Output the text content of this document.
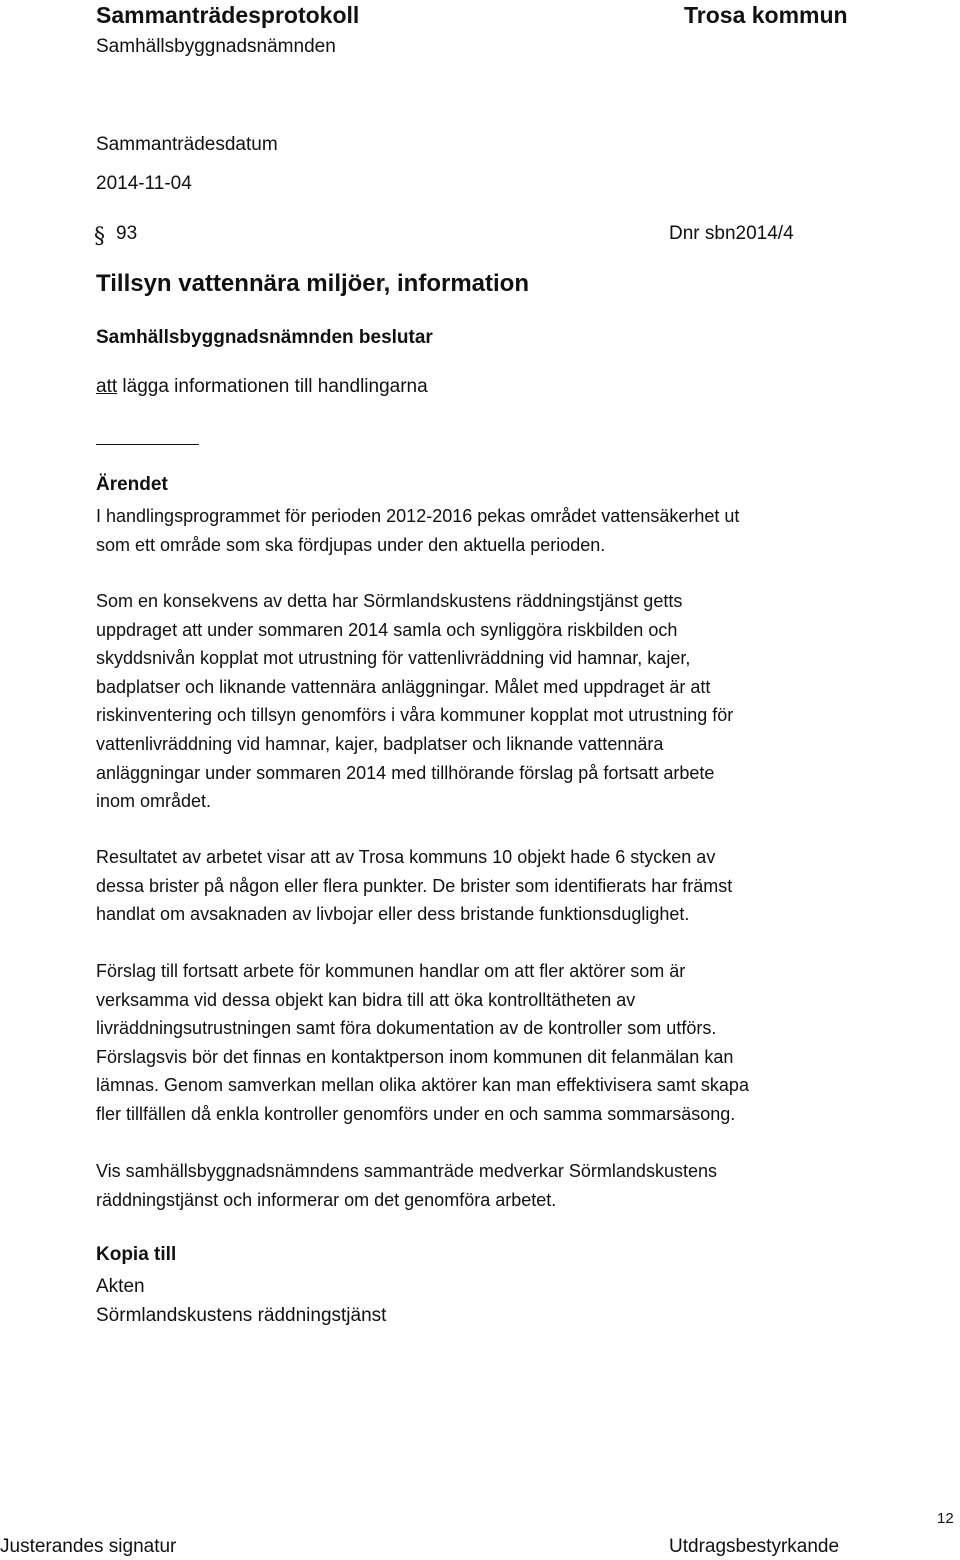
Sammanträdesprotokoll	Trosa kommun
Samhällsbyggnadsnämnden
Sammanträdesdatum
2014-11-04
§ 93	Dnr sbn2014/4
Tillsyn vattennära miljöer, information
Samhällsbyggnadsnämnden beslutar
att lägga informationen till handlingarna
Ärendet

I handlingsprogrammet för perioden 2012-2016 pekas området vattensäkerhet ut
som ett område som ska fördjupas under den aktuella perioden.

Som en konsekvens av detta har Sörmlandskustens räddningstjänst getts
uppdraget att under sommaren 2014 samla och synliggöra riskbilden och
skyddsnivån kopplat mot utrustning för vattenlivräddning vid hamnar, kajer,
badplatser och liknande vattennära anläggningar. Målet med uppdraget är att
riskinventering och tillsyn genomförs i våra kommuner kopplat mot utrustning för
vattenlivräddning vid hamnar, kajer, badplatser och liknande vattennära
anläggningar under sommaren 2014 med tillhörande förslag på fortsatt arbete
inom området.

Resultatet av arbetet visar att av Trosa kommuns 10 objekt hade 6 stycken av
dessa brister på någon eller flera punkter. De brister som identifierats har främst
handlat om avsaknaden av livbojar eller dess bristande funktionsduglighet.

Förslag till fortsatt arbete för kommunen handlar om att fler aktörer som är
verksamma vid dessa objekt kan bidra till att öka kontrolltätheten av
livräddningsutrustningen samt föra dokumentation av de kontroller som utförs.
Förslagsvis bör det finnas en kontaktperson inom kommunen dit felanmälan kan
lämnas. Genom samverkan mellan olika aktörer kan man effektivisera samt skapa
fler tillfällen då enkla kontroller genomförs under en och samma sommarsäsong.

Vis samhällsbyggnadsnämndens sammanträde medverkar Sörmlandskustens
räddningstjänst och informerar om det genomföra arbetet.

Kopia till
Akten
Sörmlandskustens räddningstjänst
Justerandes signatur	Utdragsbestyrkande
12
